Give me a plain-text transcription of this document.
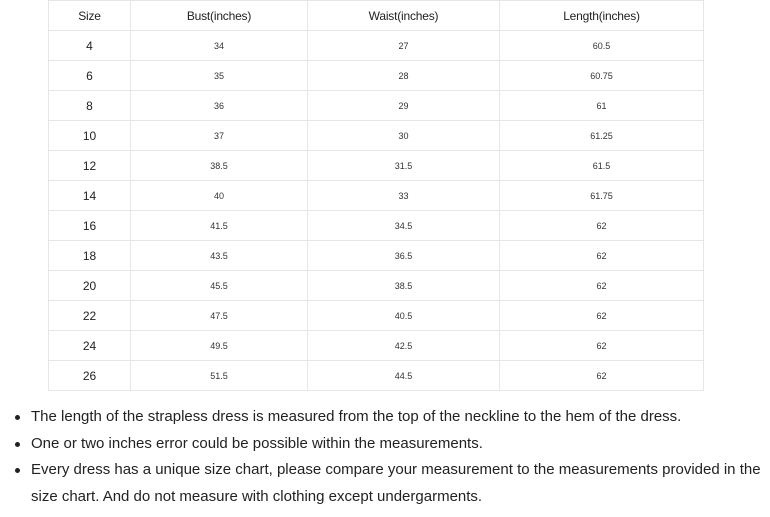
Size	Bust(inches)	Waist(inches)	Length(inches)
4	34	27	60.5
6	35	28	60.75
8	36	29	61
10	37	30	61.25
12	38.5	31.5	61.5
14	40	33	61.75
16	41.5	34.5	62
18	43.5	36.5	62
20	45.5	38.5	62
22	47.5	40.5	62
24	49.5	42.5	62
26	51.5	44.5	62
The length of the strapless dress is measured from the top of the neckline to the hem of the dress.
One or two inches error could be possible within the measurements.
Every dress has a unique size chart, please compare your measurement to the measurements provided in the size chart. And do not measure with clothing except undergarments.
